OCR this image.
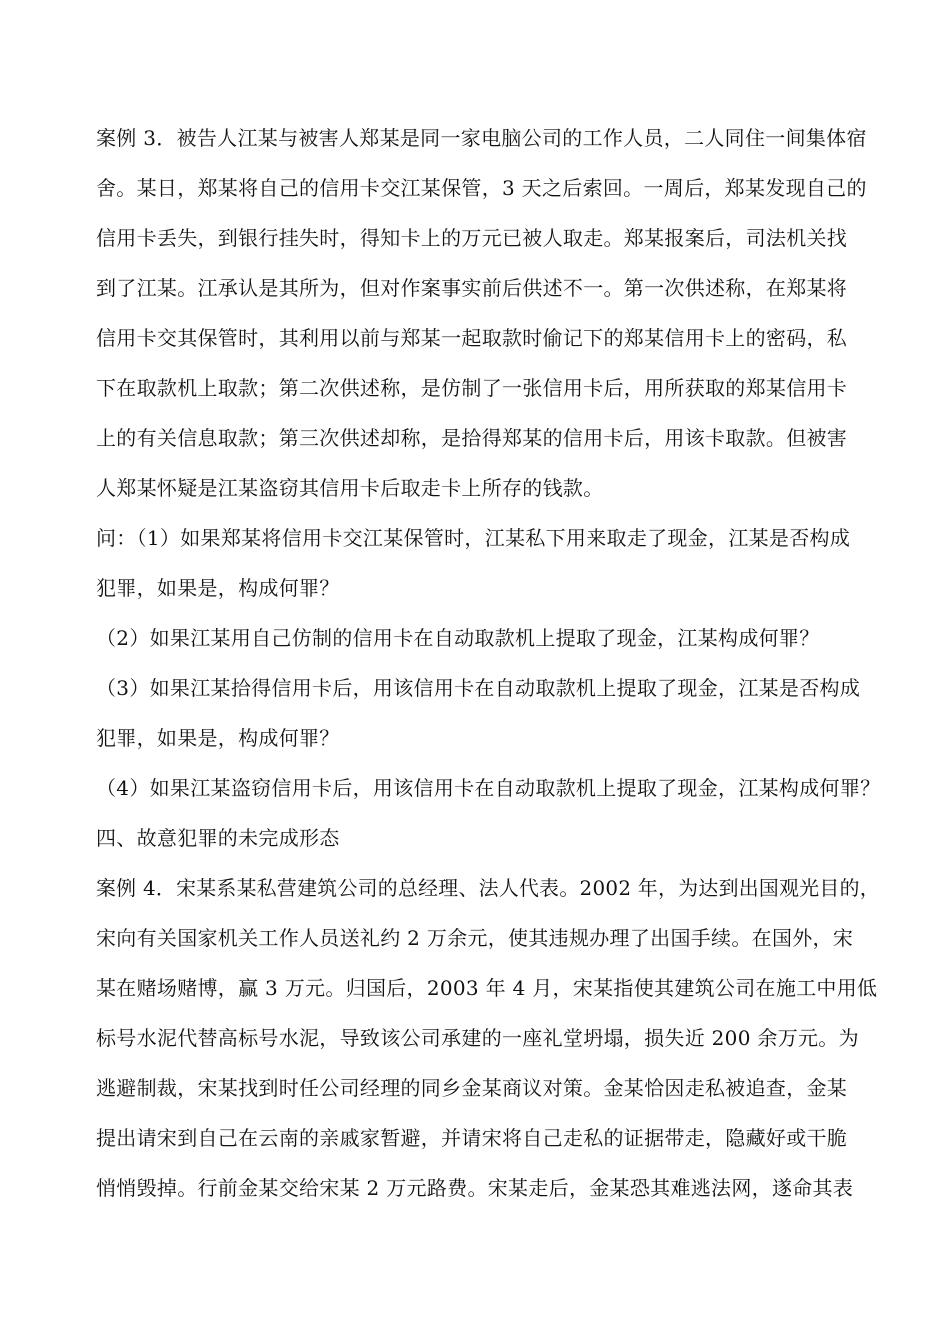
案例 3．被告人江某与被害人郑某是同一家电脑公司的工作人员，二人同住一间集体宿
舍。某日，郑某将自己的信用卡交江某保管，3 天之后索回。一周后，郑某发现自己的
信用卡丢失，到银行挂失时，得知卡上的万元已被人取走。郑某报案后，司法机关找
到了江某。江承认是其所为，但对作案事实前后供述不一。第一次供述称，在郑某将
信用卡交其保管时，其利用以前与郑某一起取款时偷记下的郑某信用卡上的密码，私
下在取款机上取款；第二次供述称，是仿制了一张信用卡后，用所获取的郑某信用卡
上的有关信息取款；第三次供述却称，是拾得郑某的信用卡后，用该卡取款。但被害
人郑某怀疑是江某盗窃其信用卡后取走卡上所存的钱款。
问：（1）如果郑某将信用卡交江某保管时，江某私下用来取走了现金，江某是否构成
犯罪，如果是，构成何罪？
（2）如果江某用自己仿制的信用卡在自动取款机上提取了现金，江某构成何罪？
（3）如果江某拾得信用卡后，用该信用卡在自动取款机上提取了现金，江某是否构成
犯罪，如果是，构成何罪？
（4）如果江某盗窃信用卡后，用该信用卡在自动取款机上提取了现金，江某构成何罪？
四、故意犯罪的未完成形态
案例 4．宋某系某私营建筑公司的总经理、法人代表。2002 年，为达到出国观光目的，
宋向有关国家机关工作人员送礼约 2 万余元，使其违规办理了出国手续。在国外，宋
某在赌场赌博，赢 3 万元。归国后，2003 年 4 月，宋某指使其建筑公司在施工中用低
标号水泥代替高标号水泥，导致该公司承建的一座礼堂坍塌，损失近 200 余万元。为
逃避制裁，宋某找到时任公司经理的同乡金某商议对策。金某恰因走私被追查，金某
提出请宋到自己在云南的亲戚家暂避，并请宋将自己走私的证据带走，隐藏好或干脆
悄悄毁掉。行前金某交给宋某 2 万元路费。宋某走后，金某恐其难逃法网，遂命其表
